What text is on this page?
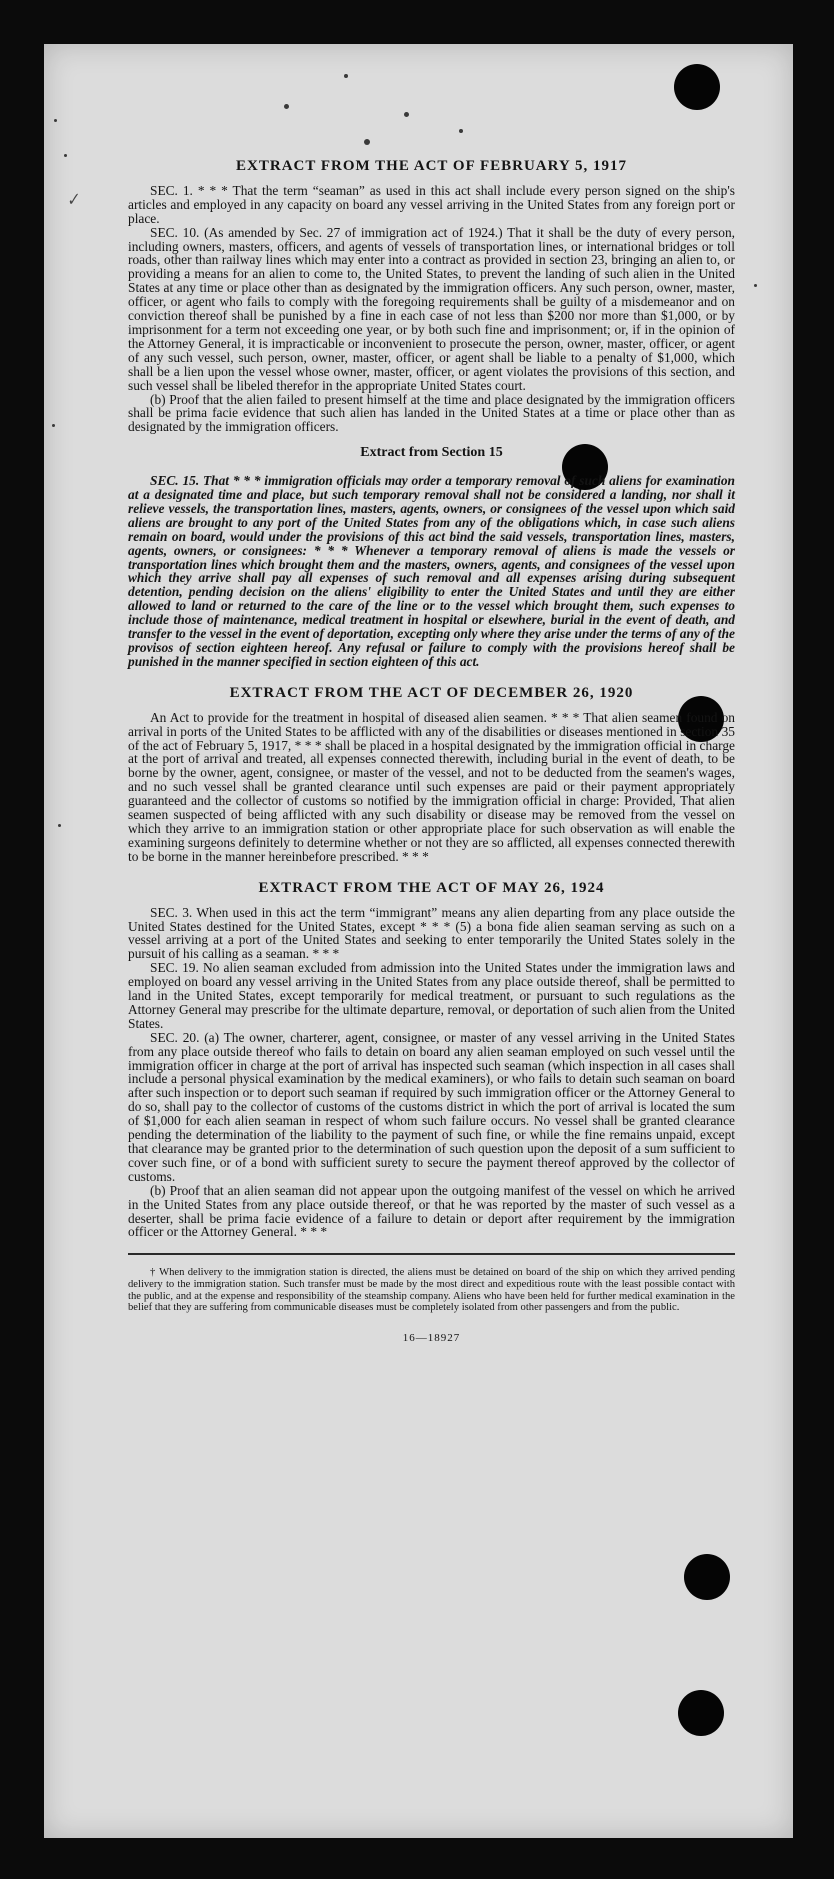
✓
EXTRACT FROM THE ACT OF FEBRUARY 5, 1917

SEC. 1. * * * That the term “seaman” as used in this act shall include every person signed on the ship's articles and employed in any capacity on board any vessel arriving in the United States from any foreign port or place.

SEC. 10. (As amended by Sec. 27 of immigration act of 1924.) That it shall be the duty of every person, including owners, masters, officers, and agents of vessels of transportation lines, or international bridges or toll roads, other than railway lines which may enter into a contract as provided in section 23, bringing an alien to, or providing a means for an alien to come to, the United States, to prevent the landing of such alien in the United States at any time or place other than as designated by the immigration officers. Any such person, owner, master, officer, or agent who fails to comply with the foregoing requirements shall be guilty of a misdemeanor and on conviction thereof shall be punished by a fine in each case of not less than $200 nor more than $1,000, or by imprisonment for a term not exceeding one year, or by both such fine and imprisonment; or, if in the opinion of the Attorney General, it is impracticable or inconvenient to prosecute the person, owner, master, officer, or agent of any such vessel, such person, owner, master, officer, or agent shall be liable to a penalty of $1,000, which shall be a lien upon the vessel whose owner, master, officer, or agent violates the provisions of this section, and such vessel shall be libeled therefor in the appropriate United States court.

(b) Proof that the alien failed to present himself at the time and place designated by the immigration officers shall be prima facie evidence that such alien has landed in the United States at a time or place other than as designated by the immigration officers.

Extract from Section 15

SEC. 15. That * * * immigration officials may order a temporary removal of such aliens for examination at a designated time and place, but such temporary removal shall not be considered a landing, nor shall it relieve vessels, the transportation lines, masters, agents, owners, or consignees of the vessel upon which said aliens are brought to any port of the United States from any of the obligations which, in case such aliens remain on board, would under the provisions of this act bind the said vessels, transportation lines, masters, agents, owners, or consignees: * * * Whenever a temporary removal of aliens is made the vessels or transportation lines which brought them and the masters, owners, agents, and consignees of the vessel upon which they arrive shall pay all expenses of such removal and all expenses arising during subsequent detention, pending decision on the aliens' eligibility to enter the United States and until they are either allowed to land or returned to the care of the line or to the vessel which brought them, such expenses to include those of maintenance, medical treatment in hospital or elsewhere, burial in the event of death, and transfer to the vessel in the event of deportation, excepting only where they arise under the terms of any of the provisos of section eighteen hereof. Any refusal or failure to comply with the provisions hereof shall be punished in the manner specified in section eighteen of this act.

EXTRACT FROM THE ACT OF DECEMBER 26, 1920

An Act to provide for the treatment in hospital of diseased alien seamen. * * * That alien seamen found on arrival in ports of the United States to be afflicted with any of the disabilities or diseases mentioned in section 35 of the act of February 5, 1917, * * * shall be placed in a hospital designated by the immigration official in charge at the port of arrival and treated, all expenses connected therewith, including burial in the event of death, to be borne by the owner, agent, consignee, or master of the vessel, and not to be deducted from the seamen's wages, and no such vessel shall be granted clearance until such expenses are paid or their payment appropriately guaranteed and the collector of customs so notified by the immigration official in charge: Provided, That alien seamen suspected of being afflicted with any such disability or disease may be removed from the vessel on which they arrive to an immigration station or other appropriate place for such observation as will enable the examining surgeons definitely to determine whether or not they are so afflicted, all expenses connected therewith to be borne in the manner hereinbefore prescribed. * * *

EXTRACT FROM THE ACT OF MAY 26, 1924

SEC. 3. When used in this act the term “immigrant” means any alien departing from any place outside the United States destined for the United States, except * * * (5) a bona fide alien seaman serving as such on a vessel arriving at a port of the United States and seeking to enter temporarily the United States solely in the pursuit of his calling as a seaman. * * *

SEC. 19. No alien seaman excluded from admission into the United States under the immigration laws and employed on board any vessel arriving in the United States from any place outside thereof, shall be permitted to land in the United States, except temporarily for medical treatment, or pursuant to such regulations as the Attorney General may prescribe for the ultimate departure, removal, or deportation of such alien from the United States.

SEC. 20. (a) The owner, charterer, agent, consignee, or master of any vessel arriving in the United States from any place outside thereof who fails to detain on board any alien seaman employed on such vessel until the immigration officer in charge at the port of arrival has inspected such seaman (which inspection in all cases shall include a personal physical examination by the medical examiners), or who fails to detain such seaman on board after such inspection or to deport such seaman if required by such immigration officer or the Attorney General to do so, shall pay to the collector of customs of the customs district in which the port of arrival is located the sum of $1,000 for each alien seaman in respect of whom such failure occurs. No vessel shall be granted clearance pending the determination of the liability to the payment of such fine, or while the fine remains unpaid, except that clearance may be granted prior to the determination of such question upon the deposit of a sum sufficient to cover such fine, or of a bond with sufficient surety to secure the payment thereof approved by the collector of customs.

(b) Proof that an alien seaman did not appear upon the outgoing manifest of the vessel on which he arrived in the United States from any place outside thereof, or that he was reported by the master of such vessel as a deserter, shall be prima facie evidence of a failure to detain or deport after requirement by the immigration officer or the Attorney General. * * *

† When delivery to the immigration station is directed, the aliens must be detained on board of the ship on which they arrived pending delivery to the immigration station. Such transfer must be made by the most direct and expeditious route with the least possible contact with the public, and at the expense and responsibility of the steamship company. Aliens who have been held for further medical examination in the belief that they are suffering from communicable diseases must be completely isolated from other passengers and from the public.

16—18927
